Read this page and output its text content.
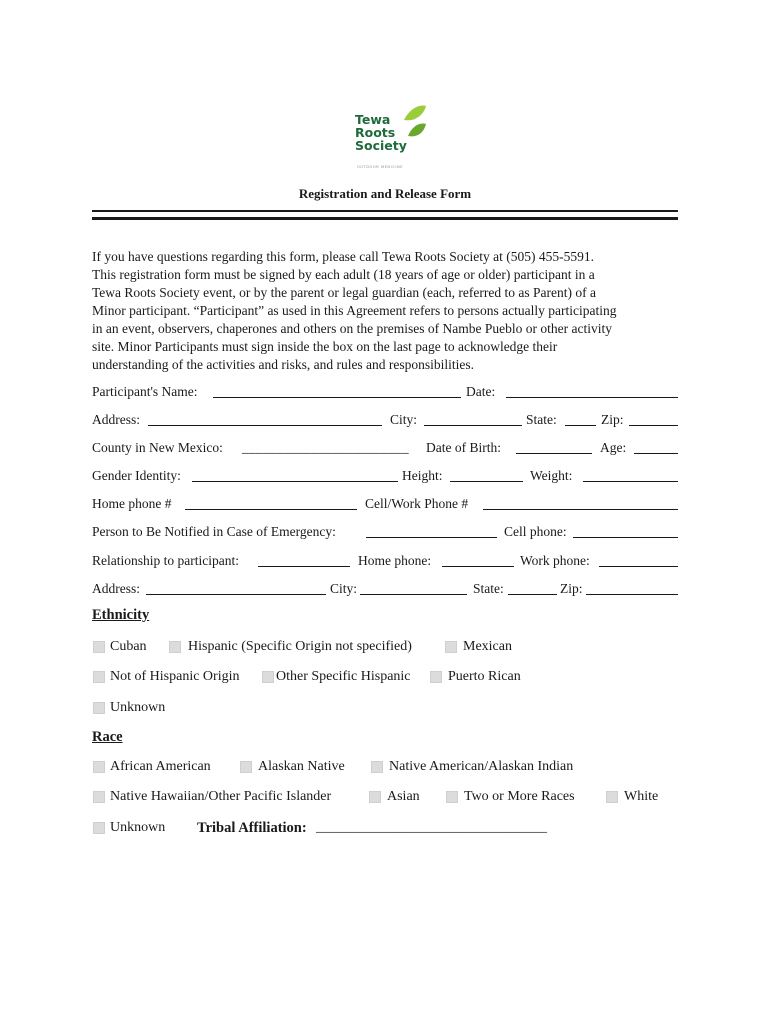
Tewa
Roots
Society
OUTDOOR MEDICINE
Registration and Release Form
If you have questions regarding this form, please call Tewa Roots Society at (505) 455-5591.
This registration form must be signed by each adult (18 years of age or older) participant in a
Tewa Roots Society event, or by the parent or legal guardian (each, referred to as Parent) of a
Minor participant. “Participant” as used in this Agreement refers to persons actually participating
in an event, observers, chaperones and others on the premises of Nambe Pueblo or other activity
site. Minor Participants must sign inside the box on the last page to acknowledge their
understanding of the activities and risks, and rules and responsibilities.
Participant's Name:	Date:
Address:	City:	State:	Zip:
County in New Mexico: ________________________ Date of Birth:	Age:
Gender Identity:	Height:	Weight:
Home phone #	Cell/Work Phone #
Person to Be Notified in Case of Emergency:	Cell phone:
Relationship to participant:	Home phone:	Work phone:
Address:	City:	State:	Zip:
Ethnicity
Cuban	Hispanic (Specific Origin not specified)	Mexican
Not of Hispanic Origin	Other Specific Hispanic	Puerto Rican
Unknown
Race
African American	Alaskan Native	Native American/Alaskan Indian
Native Hawaiian/Other Pacific Islander	Asian	Two or More Races	White
Unknown Tribal Affiliation: _________________________________
